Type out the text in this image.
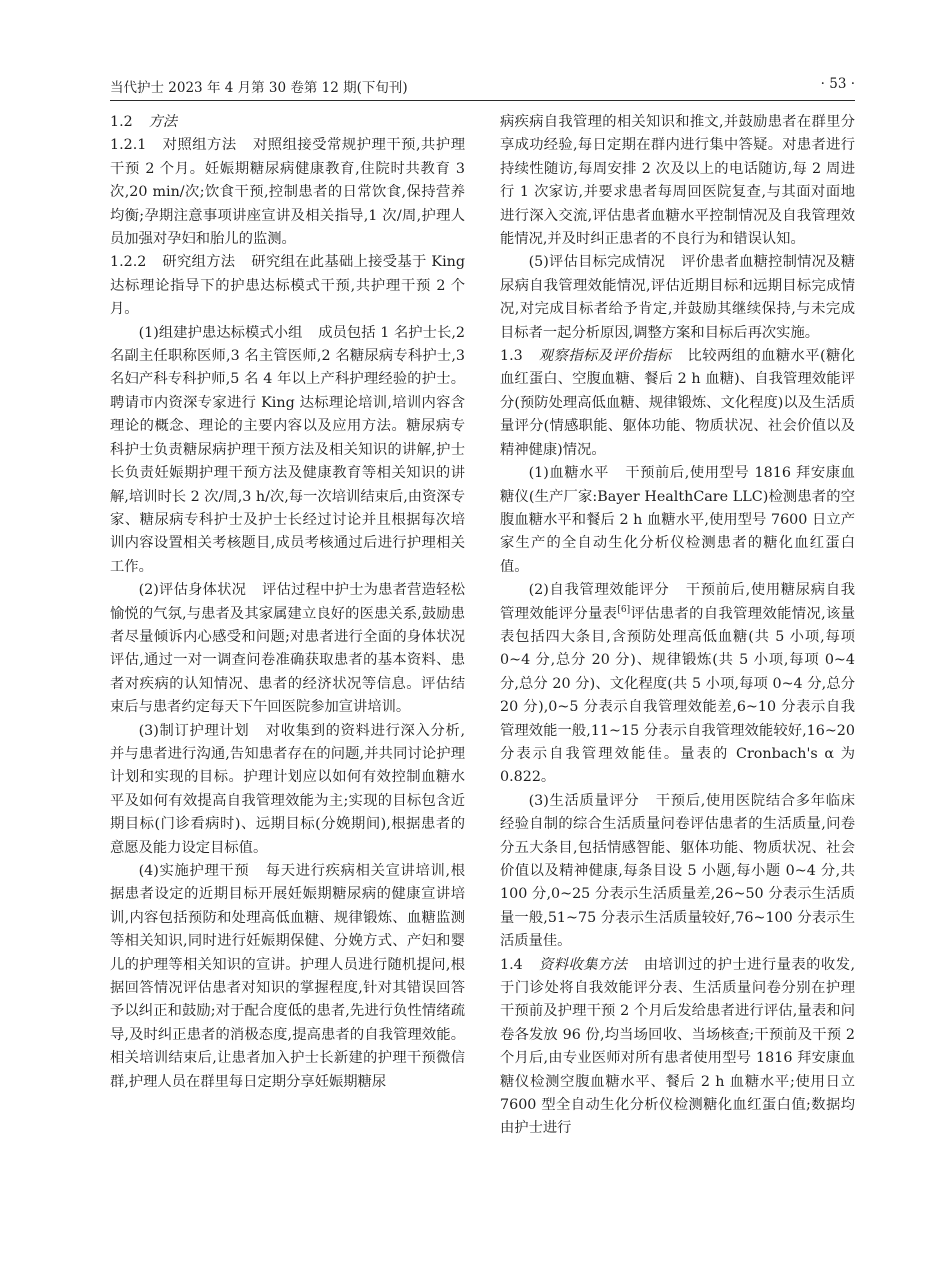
当代护士 2023 年 4 月第 30 卷第 12 期(下旬刊)	· 53 ·

1.2 方法

1.2.1 对照组方法 对照组接受常规护理干预,共护理干预 2 个月。妊娠期糖尿病健康教育,住院时共教育 3 次,20 min/次;饮食干预,控制患者的日常饮食,保持营养均衡;孕期注意事项讲座宣讲及相关指导,1 次/周,护理人员加强对孕妇和胎儿的监测。

1.2.2 研究组方法 研究组在此基础上接受基于 King 达标理论指导下的护患达标模式干预,共护理干预 2 个月。

(1)组建护患达标模式小组 成员包括 1 名护士长,2 名副主任职称医师,3 名主管医师,2 名糖尿病专科护士,3 名妇产科专科护师,5 名 4 年以上产科护理经验的护士。聘请市内资深专家进行 King 达标理论培训,培训内容含理论的概念、理论的主要内容以及应用方法。糖尿病专科护士负责糖尿病护理干预方法及相关知识的讲解,护士长负责妊娠期护理干预方法及健康教育等相关知识的讲解,培训时长 2 次/周,3 h/次,每一次培训结束后,由资深专家、糖尿病专科护士及护士长经过讨论并且根据每次培训内容设置相关考核题目,成员考核通过后进行护理相关工作。

(2)评估身体状况 评估过程中护士为患者营造轻松愉悦的气氛,与患者及其家属建立良好的医患关系,鼓励患者尽量倾诉内心感受和问题;对患者进行全面的身体状况评估,通过一对一调查问卷准确获取患者的基本资料、患者对疾病的认知情况、患者的经济状况等信息。评估结束后与患者约定每天下午回医院参加宣讲培训。

(3)制订护理计划 对收集到的资料进行深入分析,并与患者进行沟通,告知患者存在的问题,并共同讨论护理计划和实现的目标。护理计划应以如何有效控制血糖水平及如何有效提高自我管理效能为主;实现的目标包含近期目标(门诊看病时)、远期目标(分娩期间),根据患者的意愿及能力设定目标值。

(4)实施护理干预 每天进行疾病相关宣讲培训,根据患者设定的近期目标开展妊娠期糖尿病的健康宣讲培训,内容包括预防和处理高低血糖、规律锻炼、血糖监测等相关知识,同时进行妊娠期保健、分娩方式、产妇和婴儿的护理等相关知识的宣讲。护理人员进行随机提问,根据回答情况评估患者对知识的掌握程度,针对其错误回答予以纠正和鼓励;对于配合度低的患者,先进行负性情绪疏导,及时纠正患者的消极态度,提高患者的自我管理效能。相关培训结束后,让患者加入护士长新建的护理干预微信群,护理人员在群里每日定期分享妊娠期糖尿

病疾病自我管理的相关知识和推文,并鼓励患者在群里分享成功经验,每日定期在群内进行集中答疑。对患者进行持续性随访,每周安排 2 次及以上的电话随访,每 2 周进行 1 次家访,并要求患者每周回医院复查,与其面对面地进行深入交流,评估患者血糖水平控制情况及自我管理效能情况,并及时纠正患者的不良行为和错误认知。

(5)评估目标完成情况 评价患者血糖控制情况及糖尿病自我管理效能情况,评估近期目标和远期目标完成情况,对完成目标者给予肯定,并鼓励其继续保持,与未完成目标者一起分析原因,调整方案和目标后再次实施。

1.3 观察指标及评价指标 比较两组的血糖水平(糖化血红蛋白、空腹血糖、餐后 2 h 血糖)、自我管理效能评分(预防处理高低血糖、规律锻炼、文化程度)以及生活质量评分(情感职能、躯体功能、物质状况、社会价值以及精神健康)情况。

(1)血糖水平 干预前后,使用型号 1816 拜安康血糖仪(生产厂家:Bayer HealthCare LLC)检测患者的空腹血糖水平和餐后 2 h 血糖水平,使用型号 7600 日立产家生产的全自动生化分析仪检测患者的糖化血红蛋白值。

(2)自我管理效能评分 干预前后,使用糖尿病自我管理效能评分量表[6]评估患者的自我管理效能情况,该量表包括四大条目,含预防处理高低血糖(共 5 小项,每项 0~4 分,总分 20 分)、规律锻炼(共 5 小项,每项 0~4 分,总分 20 分)、文化程度(共 5 小项,每项 0~4 分,总分 20 分),0~5 分表示自我管理效能差,6~10 分表示自我管理效能一般,11~15 分表示自我管理效能较好,16~20 分表示自我管理效能佳。量表的 Cronbach's α 为 0.822。

(3)生活质量评分 干预后,使用医院结合多年临床经验自制的综合生活质量问卷评估患者的生活质量,问卷分五大条目,包括情感智能、躯体功能、物质状况、社会价值以及精神健康,每条目设 5 小题,每小题 0~4 分,共 100 分,0~25 分表示生活质量差,26~50 分表示生活质量一般,51~75 分表示生活质量较好,76~100 分表示生活质量佳。

1.4 资料收集方法 由培训过的护士进行量表的收发,于门诊处将自我效能评分表、生活质量问卷分别在护理干预前及护理干预 2 个月后发给患者进行评估,量表和问卷各发放 96 份,均当场回收、当场核查;干预前及干预 2 个月后,由专业医师对所有患者使用型号 1816 拜安康血糖仪检测空腹血糖水平、餐后 2 h 血糖水平;使用日立 7600 型全自动生化分析仪检测糖化血红蛋白值;数据均由护士进行
